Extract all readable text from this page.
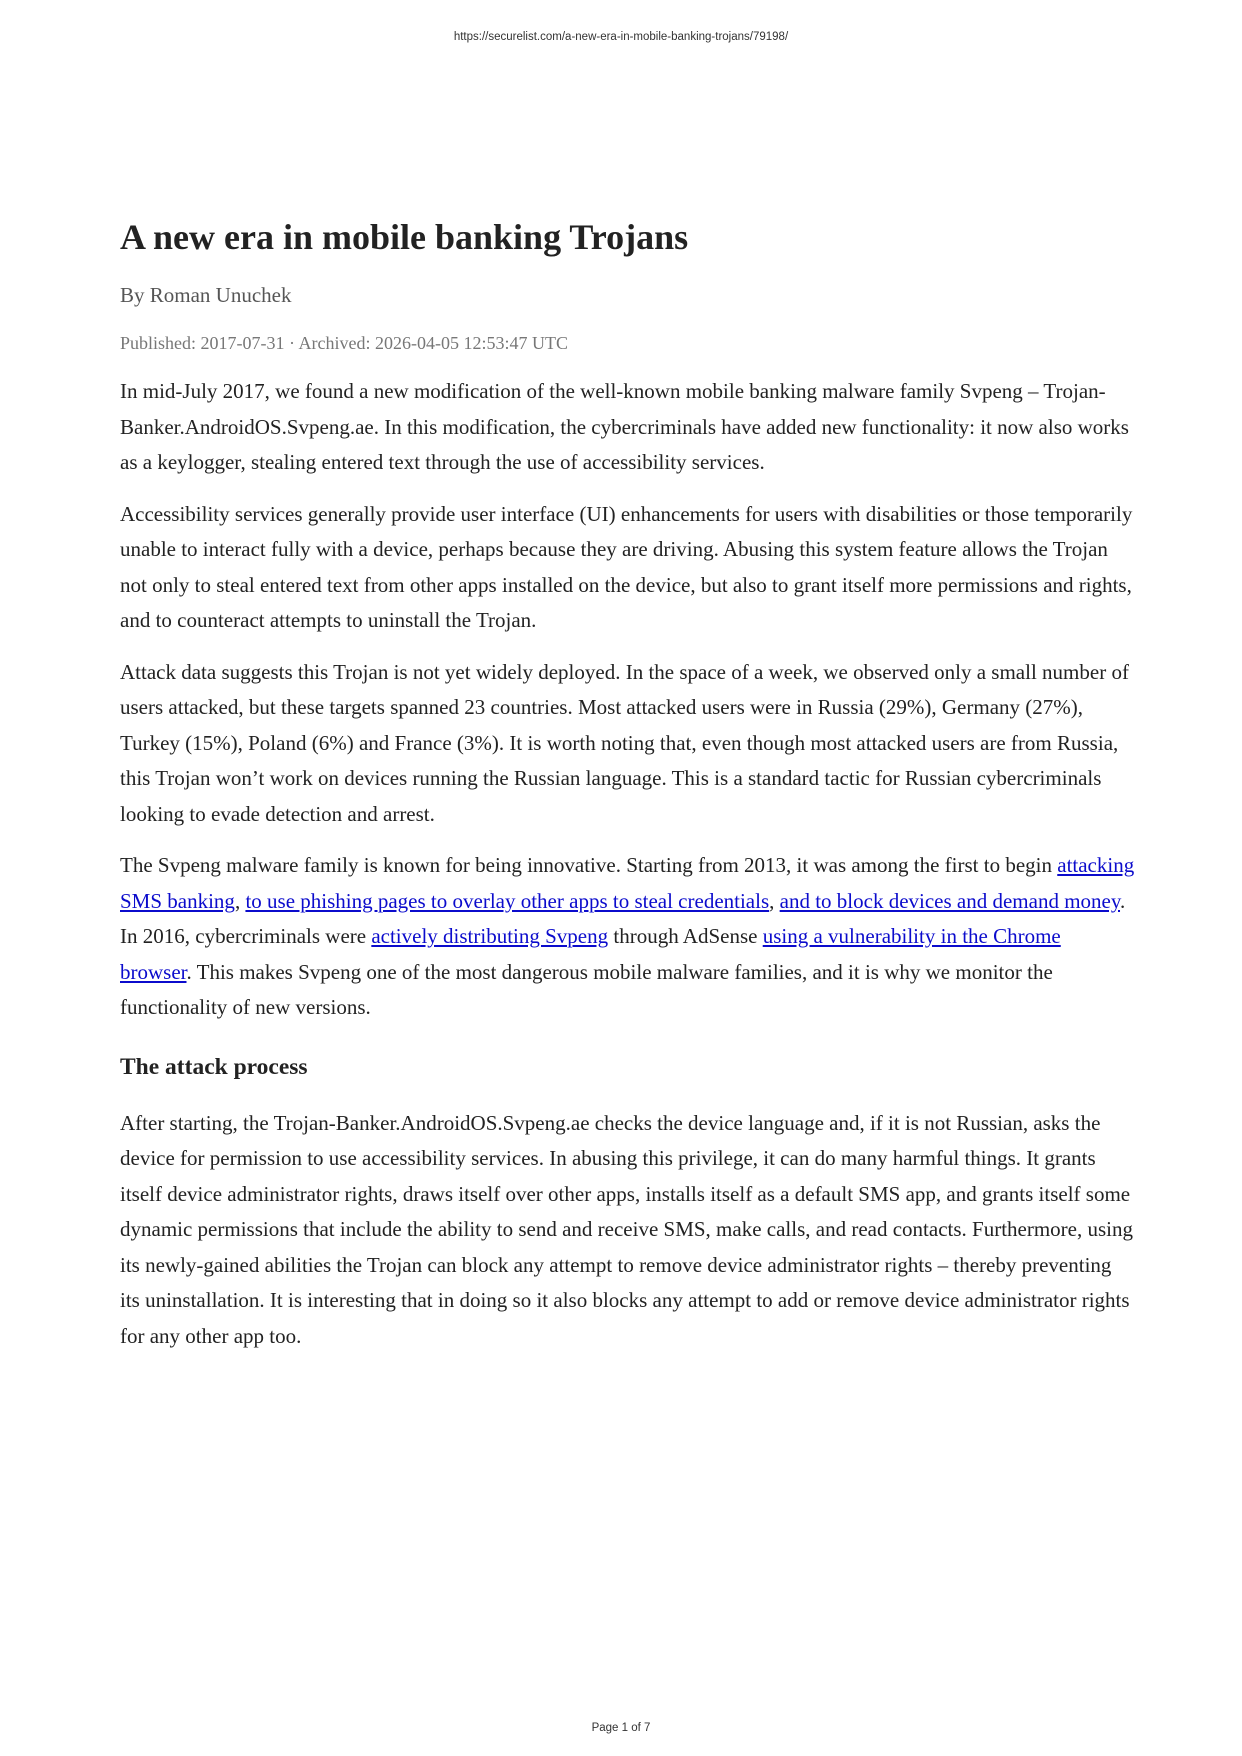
https://securelist.com/a-new-era-in-mobile-banking-trojans/79198/
A new era in mobile banking Trojans
By Roman Unuchek
Published: 2017-07-31 · Archived: 2026-04-05 12:53:47 UTC

In mid-July 2017, we found a new modification of the well-known mobile banking malware family Svpeng – Trojan-Banker.AndroidOS.Svpeng.ae. In this modification, the cybercriminals have added new functionality: it now also works as a keylogger, stealing entered text through the use of accessibility services.

Accessibility services generally provide user interface (UI) enhancements for users with disabilities or those temporarily unable to interact fully with a device, perhaps because they are driving. Abusing this system feature allows the Trojan not only to steal entered text from other apps installed on the device, but also to grant itself more permissions and rights, and to counteract attempts to uninstall the Trojan.

Attack data suggests this Trojan is not yet widely deployed. In the space of a week, we observed only a small number of users attacked, but these targets spanned 23 countries. Most attacked users were in Russia (29%), Germany (27%), Turkey (15%), Poland (6%) and France (3%). It is worth noting that, even though most attacked users are from Russia, this Trojan won’t work on devices running the Russian language. This is a standard tactic for Russian cybercriminals looking to evade detection and arrest.

The Svpeng malware family is known for being innovative. Starting from 2013, it was among the first to begin attacking SMS banking, to use phishing pages to overlay other apps to steal credentials, and to block devices and demand money. In 2016, cybercriminals were actively distributing Svpeng through AdSense using a vulnerability in the Chrome browser. This makes Svpeng one of the most dangerous mobile malware families, and it is why we monitor the functionality of new versions.

The attack process

After starting, the Trojan-Banker.AndroidOS.Svpeng.ae checks the device language and, if it is not Russian, asks the device for permission to use accessibility services. In abusing this privilege, it can do many harmful things. It grants itself device administrator rights, draws itself over other apps, installs itself as a default SMS app, and grants itself some dynamic permissions that include the ability to send and receive SMS, make calls, and read contacts. Furthermore, using its newly-gained abilities the Trojan can block any attempt to remove device administrator rights – thereby preventing its uninstallation. It is interesting that in doing so it also blocks any attempt to add or remove device administrator rights for any other app too.

Page 1 of 7
